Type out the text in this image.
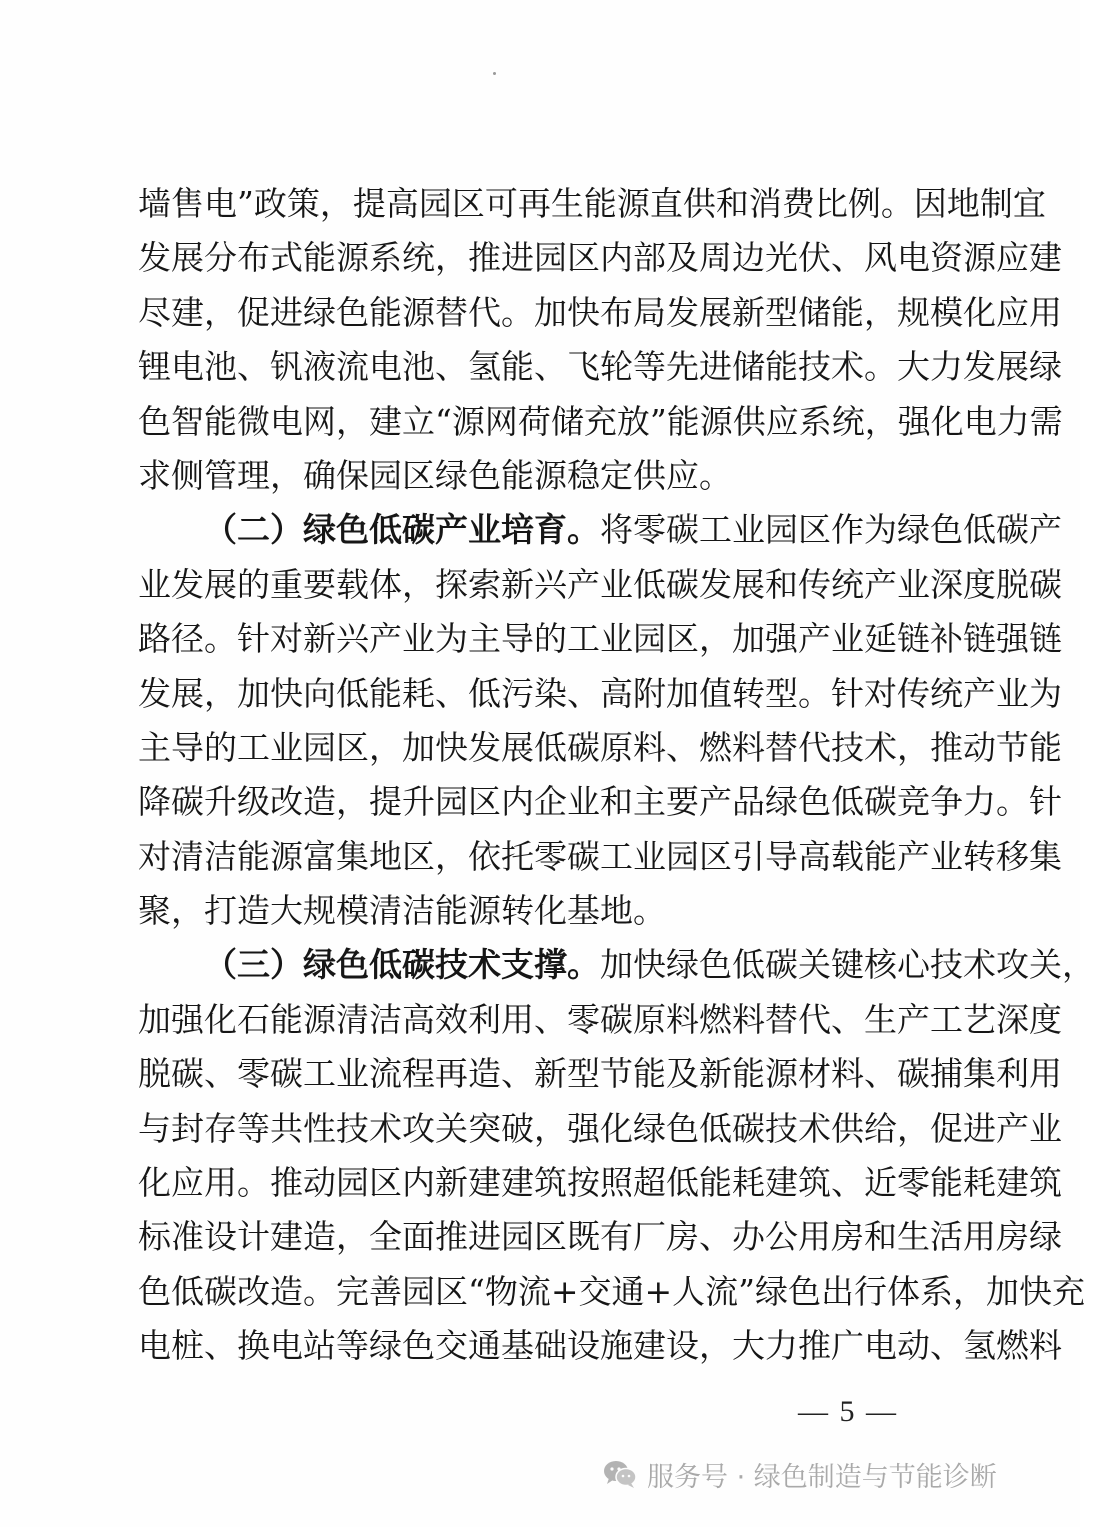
墙售电”政策，提高园区可再生能源直供和消费比例。因地制宜
发展分布式能源系统，推进园区内部及周边光伏、风电资源应建
尽建，促进绿色能源替代。加快布局发展新型储能，规模化应用
锂电池、钒液流电池、氢能、飞轮等先进储能技术。大力发展绿
色智能微电网，建立“源网荷储充放”能源供应系统，强化电力需
求侧管理，确保园区绿色能源稳定供应。
（二）绿色低碳产业培育。将零碳工业园区作为绿色低碳产
业发展的重要载体，探索新兴产业低碳发展和传统产业深度脱碳
路径。针对新兴产业为主导的工业园区，加强产业延链补链强链
发展，加快向低能耗、低污染、高附加值转型。针对传统产业为
主导的工业园区，加快发展低碳原料、燃料替代技术，推动节能
降碳升级改造，提升园区内企业和主要产品绿色低碳竞争力。针
对清洁能源富集地区，依托零碳工业园区引导高载能产业转移集
聚，打造大规模清洁能源转化基地。
（三）绿色低碳技术支撑。加快绿色低碳关键核心技术攻关，
加强化石能源清洁高效利用、零碳原料燃料替代、生产工艺深度
脱碳、零碳工业流程再造、新型节能及新能源材料、碳捕集利用
与封存等共性技术攻关突破，强化绿色低碳技术供给，促进产业
化应用。推动园区内新建建筑按照超低能耗建筑、近零能耗建筑
标准设计建造，全面推进园区既有厂房、办公用房和生活用房绿
色低碳改造。完善园区“物流+交通+人流”绿色出行体系，加快充
电桩、换电站等绿色交通基础设施建设，大力推广电动、氢燃料
— 5 —
服务号 · 绿色制造与节能诊断
